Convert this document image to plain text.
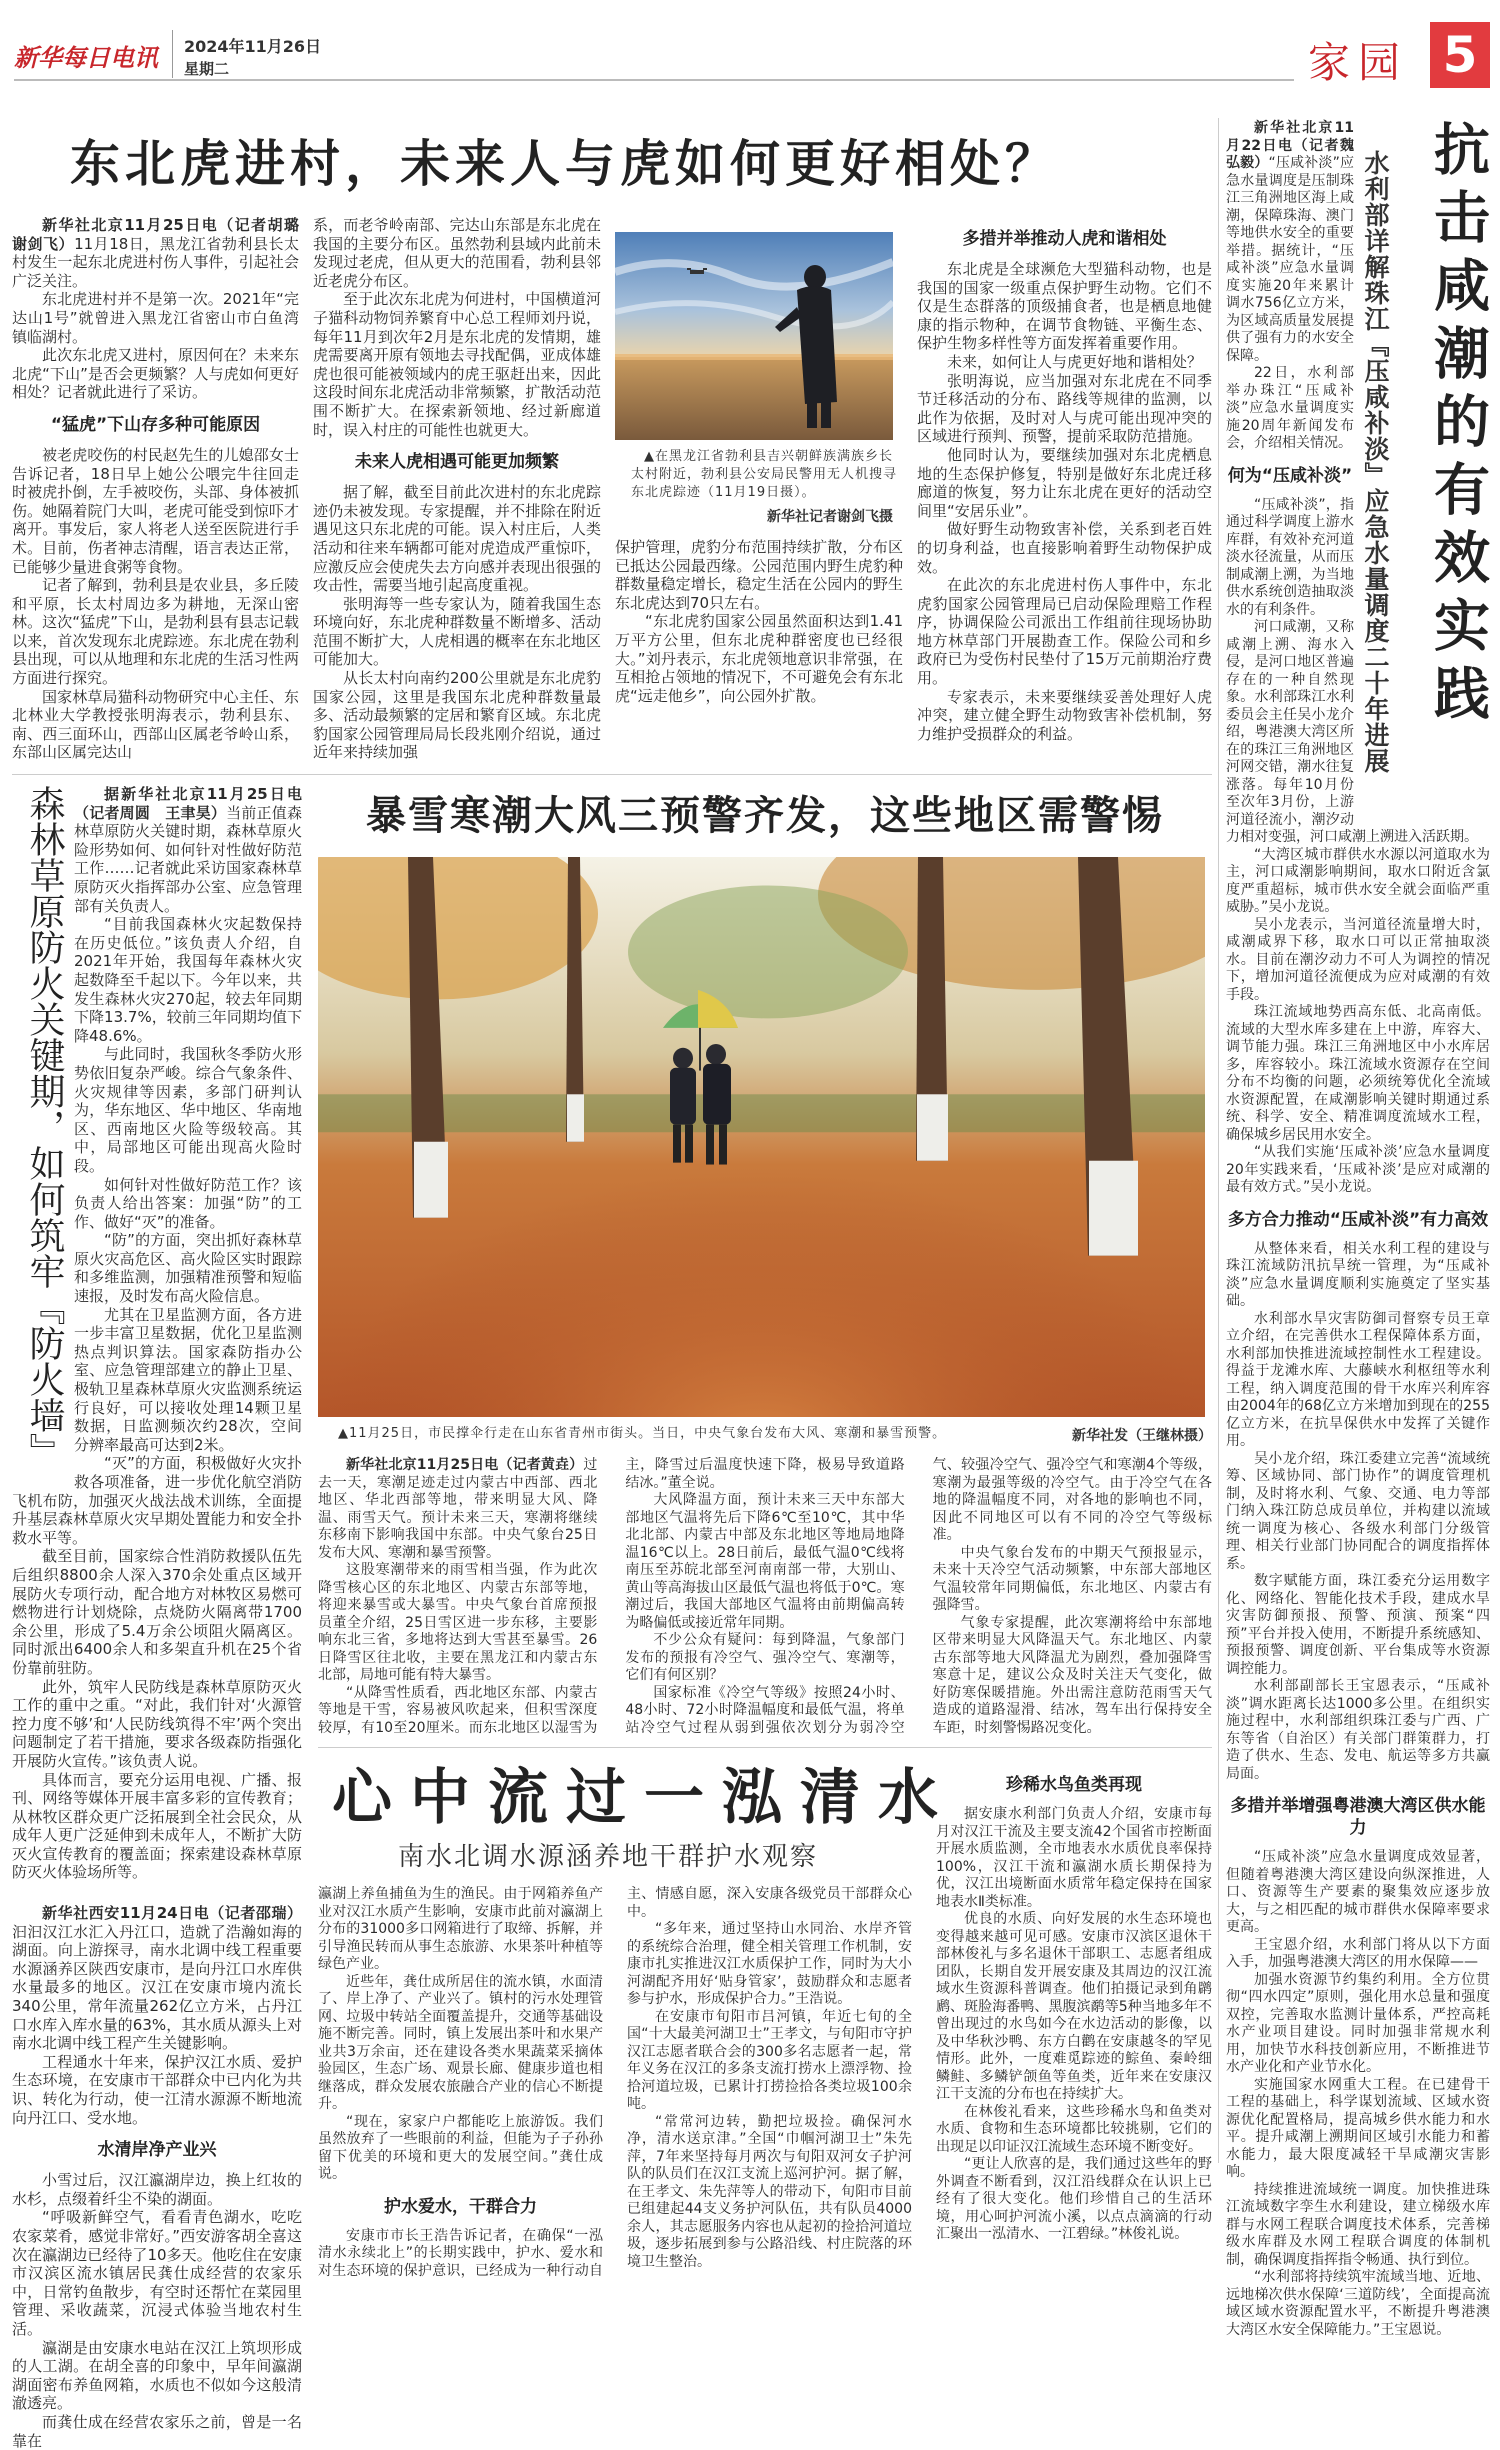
新华每日电讯 2024年11月26日
星期二	家园 5
东北虎进村，未来人与虎如何更好相处？

新华社北京11月25日电（记者胡璐　谢剑飞）11月18日，黑龙江省勃利县长太村发生一起东北虎进村伤人事件，引起社会广泛关注。

东北虎进村并不是第一次。2021年“完达山1号”就曾进入黑龙江省密山市白鱼湾镇临湖村。

此次东北虎又进村，原因何在？未来东北虎“下山”是否会更频繁？人与虎如何更好相处？记者就此进行了采访。

“猛虎”下山存多种可能原因

被老虎咬伤的村民赵先生的儿媳邵女士告诉记者，18日早上她公公喂完牛往回走时被虎扑倒，左手被咬伤，头部、身体被抓伤。她隔着院门大叫，老虎可能受到惊吓才离开。事发后，家人将老人送至医院进行手术。目前，伤者神志清醒，语言表达正常，已能够少量进食粥等食物。

记者了解到，勃利县是农业县，多丘陵和平原，长太村周边多为耕地，无深山密林。这次“猛虎”下山，是勃利县有县志记载以来，首次发现东北虎踪迹。东北虎在勃利县出现，可以从地理和东北虎的生活习性两方面进行探究。

国家林草局猫科动物研究中心主任、东北林业大学教授张明海表示，勃利县东、南、西三面环山，西部山区属老爷岭山系，东部山区属完达山

系，而老爷岭南部、完达山东部是东北虎在我国的主要分布区。虽然勃利县域内此前未发现过老虎，但从更大的范围看，勃利县邻近老虎分布区。

至于此次东北虎为何进村，中国横道河子猫科动物饲养繁育中心总工程师刘丹说，每年11月到次年2月是东北虎的发情期，雄虎需要离开原有领地去寻找配偶，亚成体雄虎也很可能被领域内的虎王驱赶出来，因此这段时间东北虎活动非常频繁，扩散活动范围不断扩大。在探索新领地、经过新廊道时，误入村庄的可能性也就更大。

未来人虎相遇可能更加频繁

据了解，截至目前此次进村的东北虎踪迹仍未被发现。专家提醒，并不排除在附近遇见这只东北虎的可能。误入村庄后，人类活动和往来车辆都可能对虎造成严重惊吓，应激反应会使虎失去方向感并表现出很强的攻击性，需要当地引起高度重视。

张明海等一些专家认为，随着我国生态环境向好，东北虎种群数量不断增多、活动范围不断扩大，人虎相遇的概率在东北地区可能加大。

从长太村向南约200公里就是东北虎豹国家公园，这里是我国东北虎种群数量最多、活动最频繁的定居和繁育区域。东北虎豹国家公园管理局局长段兆刚介绍说，通过近年来持续加强

▲在黑龙江省勃利县吉兴朝鲜族满族乡长太村附近，勃利县公安局民警用无人机搜寻东北虎踪迹（11月19日摄）。
新华社记者谢剑飞摄

保护管理，虎豹分布范围持续扩散，分布区已抵达公园最西缘。公园范围内野生虎豹种群数量稳定增长，稳定生活在公园内的野生东北虎达到70只左右。

“东北虎豹国家公园虽然面积达到1.41万平方公里，但东北虎种群密度也已经很大。”刘丹表示，东北虎领地意识非常强，在互相抢占领地的情况下，不可避免会有东北虎“远走他乡”，向公园外扩散。

多措并举推动人虎和谐相处

东北虎是全球濒危大型猫科动物，也是我国的国家一级重点保护野生动物。它们不仅是生态群落的顶级捕食者，也是栖息地健康的指示物种，在调节食物链、平衡生态、保护生物多样性等方面发挥着重要作用。

未来，如何让人与虎更好地和谐相处？

张明海说，应当加强对东北虎在不同季节迁移活动的分布、路线等规律的监测，以此作为依据，及时对人与虎可能出现冲突的区域进行预判、预警，提前采取防范措施。

他同时认为，要继续加强对东北虎栖息地的生态保护修复，特别是做好东北虎迁移廊道的恢复，努力让东北虎在更好的活动空间里“安居乐业”。

做好野生动物致害补偿，关系到老百姓的切身利益，也直接影响着野生动物保护成效。

在此次的东北虎进村伤人事件中，东北虎豹国家公园管理局已启动保险理赔工作程序，协调保险公司派出工作组前往现场协助地方林草部门开展勘查工作。保险公司和乡政府已为受伤村民垫付了15万元前期治疗费用。

专家表示，未来要继续妥善处理好人虎冲突，建立健全野生动物致害补偿机制，努力维护受损群众的利益。

森林草原防火关键期，如何筑牢『防火墙』	据新华社北京11月25日电（记者周圆　王聿昊）当前正值森林草原防火关键时期，森林草原火险形势如何、如何针对性做好防范工作……记者就此采访国家森林草原防灭火指挥部办公室、应急管理部有关负责人。

“目前我国森林火灾起数保持在历史低位。”该负责人介绍，自2021年开始，我国每年森林火灾起数降至千起以下。今年以来，共发生森林火灾270起，较去年同期下降13.7%，较前三年同期均值下降48.6%。

与此同时，我国秋冬季防火形势依旧复杂严峻。综合气象条件、火灾规律等因素，多部门研判认为，华东地区、华中地区、华南地区、西南地区火险等级较高。其中，局部地区可能出现高火险时段。

如何针对性做好防范工作？该负责人给出答案：加强“防”的工作、做好“灭”的准备。

“防”的方面，突出抓好森林草原火灾高危区、高火险区实时跟踪和多维监测，加强精准预警和短临速报，及时发布高火险信息。

尤其在卫星监测方面，各方进一步丰富卫星数据，优化卫星监测热点判识算法。国家森防指办公室、应急管理部建立的静止卫星、极轨卫星森林草原火灾监测系统运行良好，可以接收处理14颗卫星数据，日监测频次约28次，空间分辨率最高可达到2米。

“灭”的方面，积极做好火灾扑救各项准备，进一步优化航空消防飞机布防，加强灭火战法战术训练，全面提升基层森林草原火灾早期处置能力和安全扑救水平等。

截至目前，国家综合性消防救援队伍先后组织8800余人深入370余处重点区域开展防火专项行动，配合地方对林牧区易燃可燃物进行计划烧除，点烧防火隔离带1700余公里，形成了5.4万余公顷阻火隔离区。同时派出6400余人和多架直升机在25个省份靠前驻防。

此外，筑牢人民防线是森林草原防灭火工作的重中之重。“对此，我们针对‘火源管控力度不够’和‘人民防线筑得不牢’两个突出问题制定了若干措施，要求各级森防指强化开展防火宣传。”该负责人说。

具体而言，要充分运用电视、广播、报刊、网络等媒体开展丰富多彩的宣传教育；从林牧区群众更广泛拓展到全社会民众，从成年人更广泛延伸到未成年人，不断扩大防灭火宣传教育的覆盖面；探索建设森林草原防灭火体验场所等。

新华社西安11月24日电（记者邵瑞）汩汩汉江水汇入丹江口，造就了浩瀚如海的湖面。向上游探寻，南水北调中线工程重要水源涵养区陕西安康市，是向丹江口水库供水量最多的地区。汉江在安康市境内流长340公里，常年流量262亿立方米，占丹江口水库入库水量的63%，其水质从源头上对南水北调中线工程产生关键影响。

工程通水十年来，保护汉江水质、爱护生态环境，在安康市干部群众中已内化为共识、转化为行动，使一江清水源源不断地流向丹江口、受水地。

水清岸净产业兴

小雪过后，汉江瀛湖岸边，换上红妆的水杉，点缀着纤尘不染的湖面。

“呼吸新鲜空气，看看青色湖水，吃吃农家菜肴，感觉非常好。”西安游客胡全喜这次在瀛湖边已经待了10多天。他吃住在安康市汉滨区流水镇居民龚仕成经营的农家乐中，日常钓鱼散步，有空时还帮忙在菜园里管理、采收蔬菜，沉浸式体验当地农村生活。

瀛湖是由安康水电站在汉江上筑坝形成的人工湖。在胡全喜的印象中，早年间瀛湖湖面密布养鱼网箱，水质也不似如今这般清澈透亮。

而龚仕成在经营农家乐之前，曾是一名靠在

暴雪寒潮大风三预警齐发，这些地区需警惕
▲11月25日，市民撑伞行走在山东省青州市街头。当日，中央气象台发布大风、寒潮和暴雪预警。	新华社发（王继林摄）

新华社北京11月25日电（记者黄垚）过去一天，寒潮足迹走过内蒙古中西部、西北地区、华北西部等地，带来明显大风、降温、雨雪天气。预计未来三天，寒潮将继续东移南下影响我国中东部。中央气象台25日发布大风、寒潮和暴雪预警。

这股寒潮带来的雨雪相当强，作为此次降雪核心区的东北地区、内蒙古东部等地，将迎来暴雪或大暴雪。中央气象台首席预报员董全介绍，25日雪区进一步东移，主要影响东北三省，多地将达到大雪甚至暴雪。26日降雪区往北收，主要在黑龙江和内蒙古东北部，局地可能有特大暴雪。

“从降雪性质看，西北地区东部、内蒙古等地是干雪，容易被风吹起来，但积雪深度较厚，有10至20厘米。而东北地区以湿雪为主，降雪过后温度快速下降，极易导致道路结冰。”董全说。

大风降温方面，预计未来三天中东部大部地区气温将先后下降6℃至10℃，其中华北北部、内蒙古中部及东北地区等地局地降温16℃以上。28日前后，最低气温0℃线将南压至苏皖北部至河南南部一带，大别山、黄山等高海拔山区最低气温也将低于0℃。寒潮过后，我国大部地区气温将由前期偏高转为略偏低或接近常年同期。

不少公众有疑问：每到降温，气象部门发布的预报有冷空气、强冷空气、寒潮等，它们有何区别？

国家标准《冷空气等级》按照24小时、48小时、72小时降温幅度和最低气温，将单站冷空气过程从弱到强依次划分为弱冷空气、较强冷空气、强冷空气和寒潮4个等级，寒潮为最强等级的冷空气。由于冷空气在各地的降温幅度不同，对各地的影响也不同，因此不同地区可以有不同的冷空气等级标准。

中央气象台发布的中期天气预报显示，未来十天冷空气活动频繁，中东部大部地区气温较常年同期偏低，东北地区、内蒙古有强降雪。

气象专家提醒，此次寒潮将给中东部地区带来明显大风降温天气。东北地区、内蒙古东部等地大风降温尤为剧烈，叠加强降雪寒意十足，建议公众及时关注天气变化，做好防寒保暖措施。外出需注意防范雨雪天气造成的道路湿滑、结冰，驾车出行保持安全车距，时刻警惕路况变化。

心中流过一泓清水
南水北调水源涵养地干群护水观察

瀛湖上养鱼捕鱼为生的渔民。由于网箱养鱼产业对汉江水质产生影响，安康市此前对瀛湖上分布的31000多口网箱进行了取缔、拆解，并引导渔民转而从事生态旅游、水果茶叶种植等绿色产业。

近些年，龚仕成所居住的流水镇，水面清了、岸上净了、产业兴了。镇村的污水处理管网、垃圾中转站全面覆盖提升，交通等基础设施不断完善。同时，镇上发展出茶叶和水果产业共3万余亩，还在建设各类水果蔬菜采摘体验园区，生态广场、观景长廊、健康步道也相继落成，群众发展农旅融合产业的信心不断提升。

“现在，家家户户都能吃上旅游饭。我们虽然放弃了一些眼前的利益，但能为子子孙孙留下优美的环境和更大的发展空间。”龚仕成说。

护水爱水，干群合力

安康市市长王浩告诉记者，在确保“一泓清水永续北上”的长期实践中，护水、爱水和对生态环境的保护意识，已经成为一种行动自主、情感自愿，深入安康各级党员干部群众心中。

“多年来，通过坚持山水同治、水岸齐管的系统综合治理，健全相关管理工作机制，安康市扎实推进汉江水质保护工作，同时为大小河湖配齐用好‘贴身管家’，鼓励群众和志愿者参与护水，形成保护合力。”王浩说。

在安康市旬阳市吕河镇，年近七旬的全国“十大最美河湖卫士”王孝文，与旬阳市守护汉江志愿者联合会的300多名志愿者一起，常年义务在汉江的多条支流打捞水上漂浮物、捡拾河道垃圾，已累计打捞捡拾各类垃圾100余吨。

“常常河边转，勤把垃圾捡。确保河水净，清水送京津。”全国“巾帼河湖卫士”朱先萍，7年来坚持每月两次与旬阳双河女子护河队的队员们在汉江支流上巡河护河。据了解，在王孝文、朱先萍等人的带动下，旬阳市目前已组建起44支义务护河队伍，共有队员4000余人，其志愿服务内容也从起初的捡拾河道垃圾，逐步拓展到参与公路沿线、村庄院落的环境卫生整治。

珍稀水鸟鱼类再现

据安康水利部门负责人介绍，安康市每月对汉江干流及主要支流42个国省市控断面开展水质监测，全市地表水水质优良率保持100%，汉江干流和瀛湖水质长期保持为优，汉江出境断面水质常年稳定保持在国家地表水Ⅱ类标准。

优良的水质、向好发展的水生态环境也变得越来越可见可感。安康市汉滨区退休干部林俊礼与多名退休干部职工、志愿者组成团队，长期自发开展安康及其周边的汉江流域水生资源科普调查。他们拍摄记录到角䴙䴘、斑脸海番鸭、黑腹滨鹬等5种当地多年不曾出现过的水鸟如今在水边活动的影像，以及中华秋沙鸭、东方白鹳在安康越冬的罕见情形。此外，一度难觅踪迹的鯮鱼、秦岭细鳞鲑、多鳞铲颌鱼等鱼类，近年来在安康汉江干支流的分布也在持续扩大。

在林俊礼看来，这些珍稀水鸟和鱼类对水质、食物和生态环境都比较挑剔，它们的出现足以印证汉江流域生态环境不断变好。

“更让人欣喜的是，我们通过这些年的野外调查不断看到，汉江沿线群众在认识上已经有了很大变化。他们珍惜自己的生活环境，用心呵护河流小溪，以点点滴滴的行动汇聚出一泓清水、一江碧绿。”林俊礼说。

抗击咸潮的有效实践
水利部详解珠江『压咸补淡』应急水量调度二十年进展

新华社北京11月22日电（记者魏弘毅）“压咸补淡”应急水量调度是压制珠江三角洲地区海上咸潮，保障珠海、澳门等地供水安全的重要举措。据统计，“压咸补淡”应急水量调度实施20年来累计调水756亿立方米，为区域高质量发展提供了强有力的水安全保障。

22日，水利部举办珠江“压咸补淡”应急水量调度实施20周年新闻发布会，介绍相关情况。

何为“压咸补淡”

“压咸补淡”，指通过科学调度上游水库群，有效补充河道淡水径流量，从而压制咸潮上溯，为当地供水系统创造抽取淡水的有利条件。

河口咸潮，又称咸潮上溯、海水入侵，是河口地区普遍存在的一种自然现象。水利部珠江水利委员会主任吴小龙介绍，粤港澳大湾区所在的珠江三角洲地区河网交错，潮水往复涨落。每年10月份至次年3月份，上游河道径流小，潮汐动力相对变强，河口咸潮上溯进入活跃期。

“大湾区城市群供水水源以河道取水为主，河口咸潮影响期间，取水口附近含氯度严重超标，城市供水安全就会面临严重威胁。”吴小龙说。

吴小龙表示，当河道径流量增大时，咸潮咸界下移，取水口可以正常抽取淡水。目前在潮汐动力不可人为调控的情况下，增加河道径流便成为应对咸潮的有效手段。

珠江流域地势西高东低、北高南低。流域的大型水库多建在上中游，库容大、调节能力强。珠江三角洲地区中小水库居多，库容较小。珠江流域水资源存在空间分布不均衡的问题，必须统筹优化全流域水资源配置，在咸潮影响关键时期通过系统、科学、安全、精准调度流域水工程，确保城乡居民用水安全。

“从我们实施‘压咸补淡’应急水量调度20年实践来看，‘压咸补淡’是应对咸潮的最有效方式。”吴小龙说。

多方合力推动“压咸补淡”有力高效

从整体来看，相关水利工程的建设与珠江流域防汛抗旱统一管理，为“压咸补淡”应急水量调度顺利实施奠定了坚实基础。

水利部水旱灾害防御司督察专员王章立介绍，在完善供水工程保障体系方面，水利部加快推进流域控制性水工程建设。得益于龙滩水库、大藤峡水利枢纽等水利工程，纳入调度范围的骨干水库兴利库容由2004年的68亿立方米增加到现在的255亿立方米，在抗旱保供水中发挥了关键作用。

吴小龙介绍，珠江委建立完善“流域统筹、区域协同、部门协作”的调度管理机制，及时将水利、气象、交通、电力等部门纳入珠江防总成员单位，并构建以流域统一调度为核心、各级水利部门分级管理、相关行业部门协同配合的调度指挥体系。

数字赋能方面，珠江委充分运用数字化、网络化、智能化技术手段，建成水旱灾害防御预报、预警、预演、预案“四预”平台并投入使用，不断提升系统感知、预报预警、调度创新、平台集成等水资源调控能力。

水利部副部长王宝恩表示，“压咸补淡”调水距离长达1000多公里。在组织实施过程中，水利部组织珠江委与广西、广东等省（自治区）有关部门群策群力，打造了供水、生态、发电、航运等多方共赢局面。

多措并举增强粤港澳大湾区供水能力

“压咸补淡”应急水量调度成效显著，但随着粤港澳大湾区建设向纵深推进，人口、资源等生产要素的聚集效应逐步放大，与之相匹配的城市群供水保障率要求更高。

王宝恩介绍，水利部门将从以下方面入手，加强粤港澳大湾区的用水保障——

加强水资源节约集约利用。全方位贯彻“四水四定”原则，强化用水总量和强度双控，完善取水监测计量体系，严控高耗水产业项目建设。同时加强非常规水利用，加快节水科技创新应用，不断推进节水产业化和产业节水化。

实施国家水网重大工程。在已建骨干工程的基础上，科学谋划流域、区域水资源优化配置格局，提高城乡供水能力和水平。提升咸潮上溯期间区域引水能力和蓄水能力，最大限度减轻干旱咸潮灾害影响。

持续推进流域统一调度。加快推进珠江流域数字孪生水利建设，建立梯级水库群与水网工程联合调度技术体系，完善梯级水库群及水网工程联合调度的体制机制，确保调度指挥指令畅通、执行到位。

“水利部将持续筑牢流域当地、近地、远地梯次供水保障‘三道防线’，全面提高流域区域水资源配置水平，不断提升粤港澳大湾区水安全保障能力。”王宝恩说。
